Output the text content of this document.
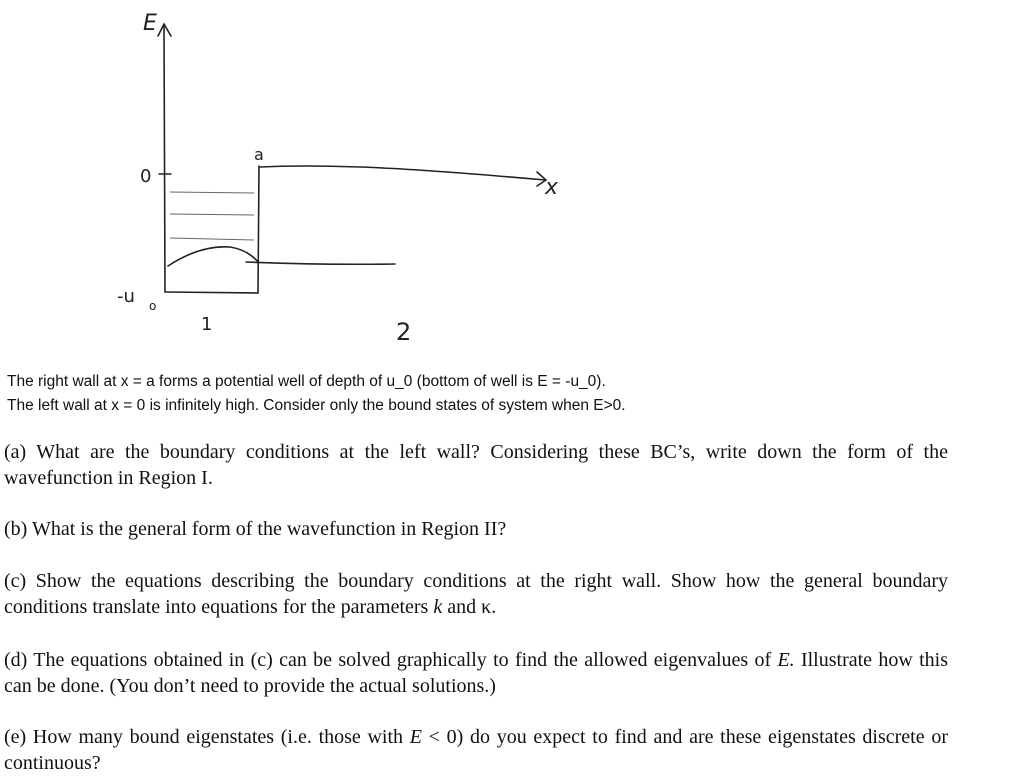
E
x
0
-u o
a
1	2
The right wall at x = a forms a potential well of depth of u_0 (bottom of well is E = -u_0).
The left wall at x = 0 is infinitely high. Consider only the bound states of system when E>0.
(a) What are the boundary conditions at the left wall? Considering these BC’s, write down the form of the wavefunction in Region I.
(b) What is the general form of the wavefunction in Region II?
(c) Show the equations describing the boundary conditions at the right wall. Show how the general boundary conditions translate into equations for the parameters k and κ.
(d) The equations obtained in (c) can be solved graphically to find the allowed eigenvalues of E. Illustrate how this can be done. (You don’t need to provide the actual solutions.)
(e) How many bound eigenstates (i.e. those with E < 0) do you expect to find and are these eigenstates discrete or continuous?
